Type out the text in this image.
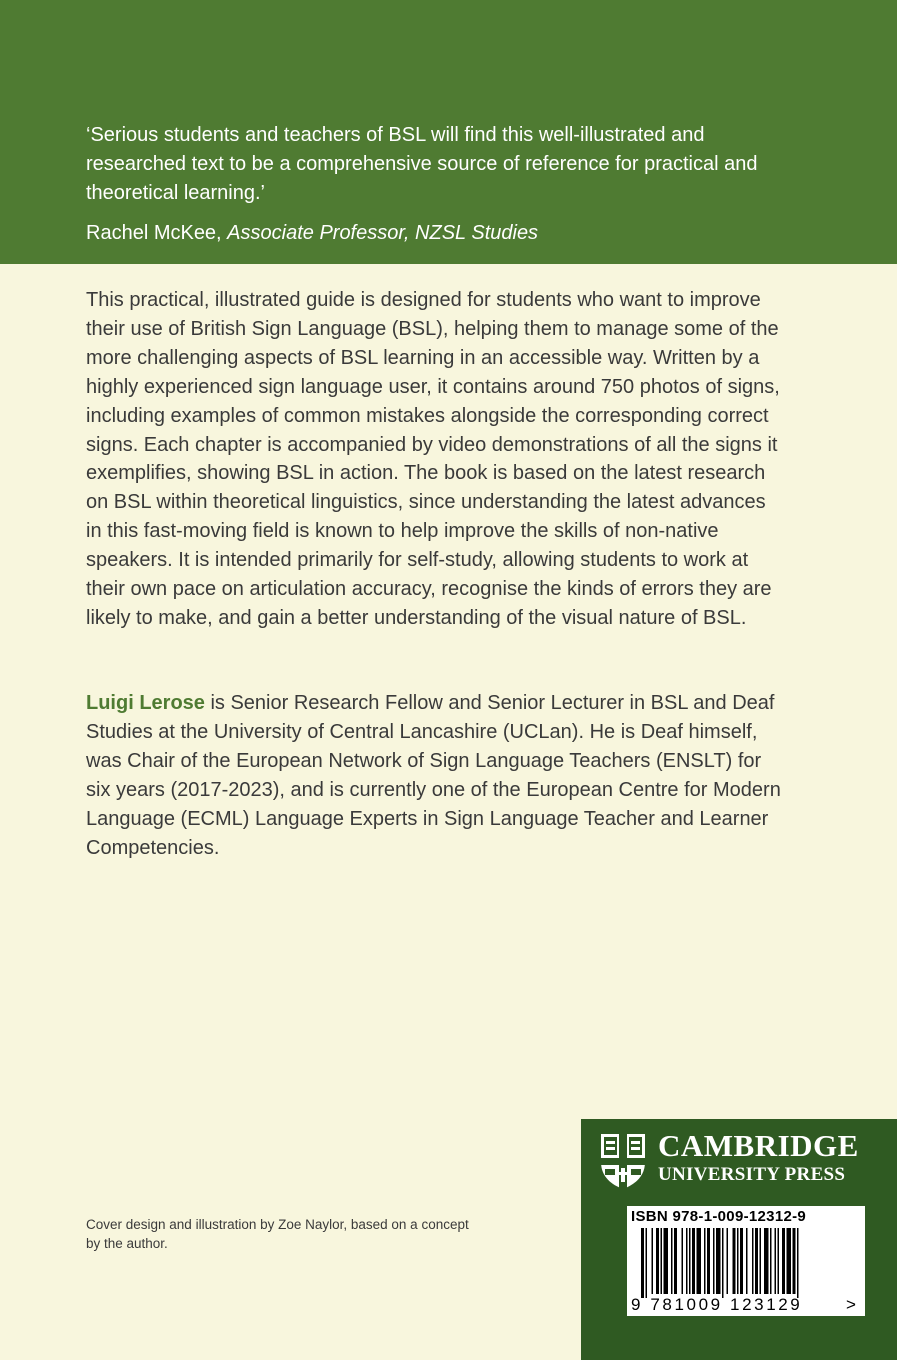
‘Serious students and teachers of BSL will find this well-illustrated and researched text to be a comprehensive source of reference for practical and theoretical learning.’

Rachel McKee, Associate Professor, NZSL Studies

This practical, illustrated guide is designed for students who want to improve their use of British Sign Language (BSL), helping them to manage some of the more challenging aspects of BSL learning in an accessible way. Written by a highly experienced sign language user, it contains around 750 photos of signs, including examples of common mistakes alongside the corresponding correct signs. Each chapter is accompanied by video demonstrations of all the signs it exemplifies, showing BSL in action. The book is based on the latest research on BSL within theoretical linguistics, since understanding the latest advances in this fast-moving field is known to help improve the skills of non-native speakers. It is intended primarily for self-study, allowing students to work at their own pace on articulation accuracy, recognise the kinds of errors they are likely to make, and gain a better understanding of the visual nature of BSL.

Luigi Lerose is Senior Research Fellow and Senior Lecturer in BSL and Deaf Studies at the University of Central Lancashire (UCLan). He is Deaf himself, was Chair of the European Network of Sign Language Teachers (ENSLT) for six years (2017-2023), and is currently one of the European Centre for Modern Language (ECML) Language Experts in Sign Language Teacher and Learner Competencies.

Cover design and illustration by Zoe Naylor, based on a concept by the author.

CAMBRIDGE
UNIVERSITY PRESS
ISBN 978-1-009-12312-9
9 781009 123129	>
